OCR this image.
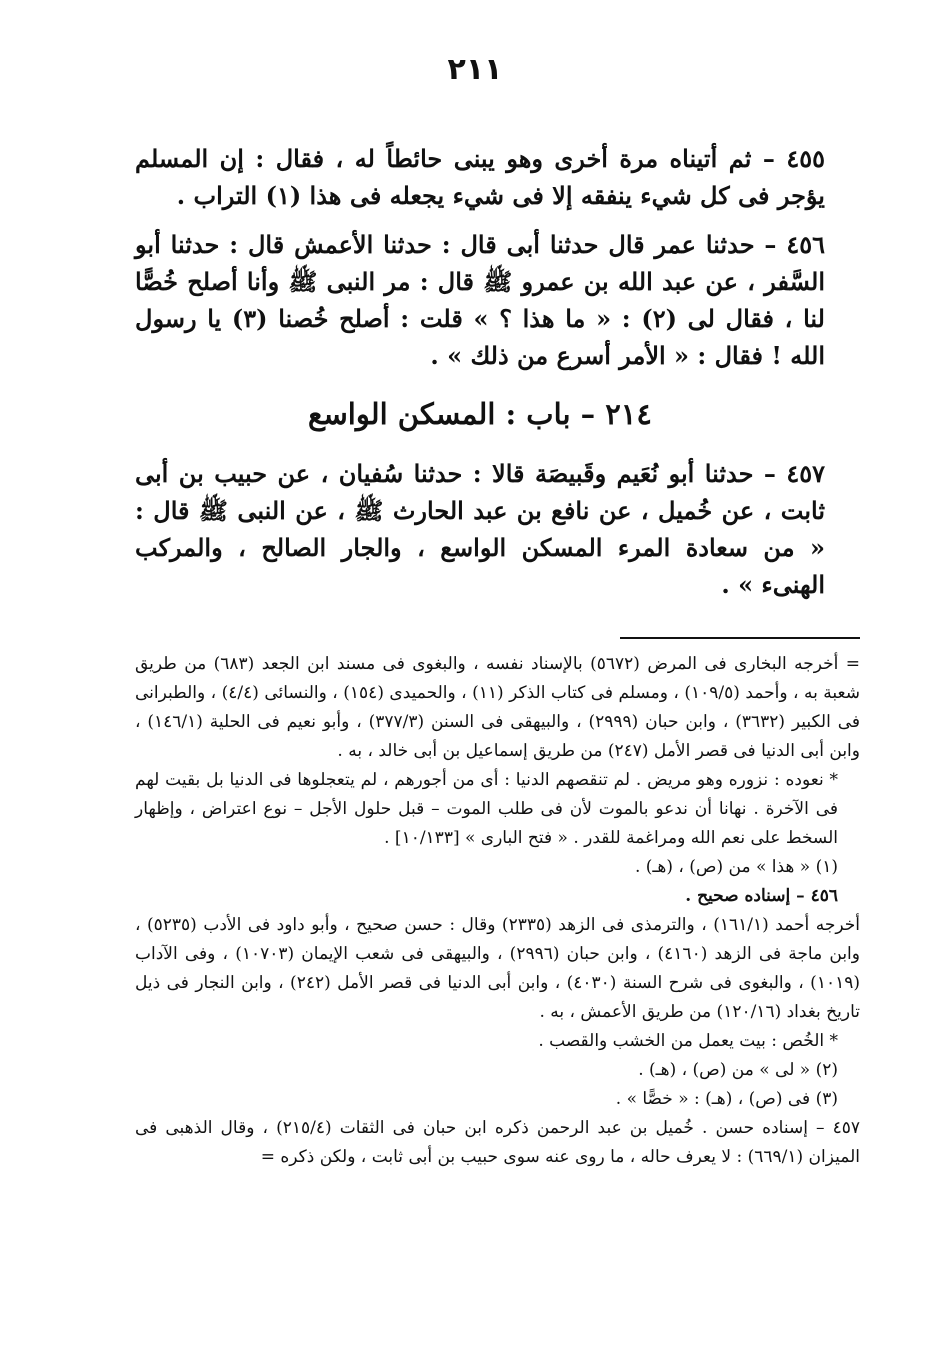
٢١١

٤٥٥ – ثم أتيناه مرة أخرى وهو يبنى حائطاً له ، فقال : إن المسلم يؤجر فى كل شيء ينفقه إلا فى شيء يجعله فى هذا (١) التراب .

٤٥٦ – حدثنا عمر قال حدثنا أبى قال : حدثنا الأعمش قال : حدثنا أبو السَّفر ، عن عبد الله بن عمرو ﷺ قال : مر النبى ﷺ وأنا أصلح خُصًّا لنا ، فقال لى (٢) : « ما هذا ؟ » قلت : أصلح خُصنا (٣) يا رسول الله ! فقال : « الأمر أسرع من ذلك » .

٢١٤ – باب : المسكن الواسع

٤٥٧ – حدثنا أبو نُعَيم وقَبيصَة قالا : حدثنا سُفيان ، عن حبيب بن أبى ثابت ، عن خُميل ، عن نافع بن عبد الحارث ﷺ ، عن النبى ﷺ قال : « من سعادة المرء المسكن الواسع ، والجار الصالح ، والمركب الهنىء » .

= أخرجه البخارى فى المرض (٥٦٧٢) بالإسناد نفسه ، والبغوى فى مسند ابن الجعد (٦٨٣) من طريق شعبة به ، وأحمد (١٠٩/٥) ، ومسلم فى كتاب الذكر (١١) ، والحميدى (١٥٤) ، والنسائى (٤/٤) ، والطبرانى فى الكبير (٣٦٣٢) ، وابن حبان (٢٩٩٩) ، والبيهقى فى السنن (٣٧٧/٣) ، وأبو نعيم فى الحلية (١٤٦/١) ، وابن أبى الدنيا فى قصر الأمل (٢٤٧) من طريق إسماعيل بن أبى خالد ، به .

* نعوده : نزوره وهو مريض . لم تنقصهم الدنيا : أى من أجورهم ، لم يتعجلوها فى الدنيا بل بقيت لهم فى الآخرة . نهانا أن ندعو بالموت لأن فى طلب الموت – قبل حلول الأجل – نوع اعتراض ، وإظهار السخط على نعم الله ومراغمة للقدر . « فتح البارى » [١٠/١٣٣] .

(١) « هذا » من (ص) ، (هـ) .

٤٥٦ – إسناده صحيح .

أخرجه أحمد (١٦١/١) ، والترمذى فى الزهد (٢٣٣٥) وقال : حسن صحيح ، وأبو داود فى الأدب (٥٢٣٥) ، وابن ماجة فى الزهد (٤١٦٠) ، وابن حبان (٢٩٩٦) ، والبيهقى فى شعب الإيمان (١٠٧٠٣) ، وفى الآداب (١٠١٩) ، والبغوى فى شرح السنة (٤٠٣٠) ، وابن أبى الدنيا فى قصر الأمل (٢٤٢) ، وابن النجار فى ذيل تاريخ بغداد (١٢٠/١٦) من طريق الأعمش ، به .

* الخُص : بيت يعمل من الخشب والقصب .

(٢) « لى » من (ص) ، (هـ) .

(٣) فى (ص) ، (هـ) : « خصًّا » .

٤٥٧ – إسناده حسن . خُميل بن عبد الرحمن ذكره ابن حبان فى الثقات (٢١٥/٤) ، وقال الذهبى فى الميزان (٦٦٩/١) : لا يعرف حاله ، ما روى عنه سوى حبيب بن أبى ثابت ، ولكن ذكره =
